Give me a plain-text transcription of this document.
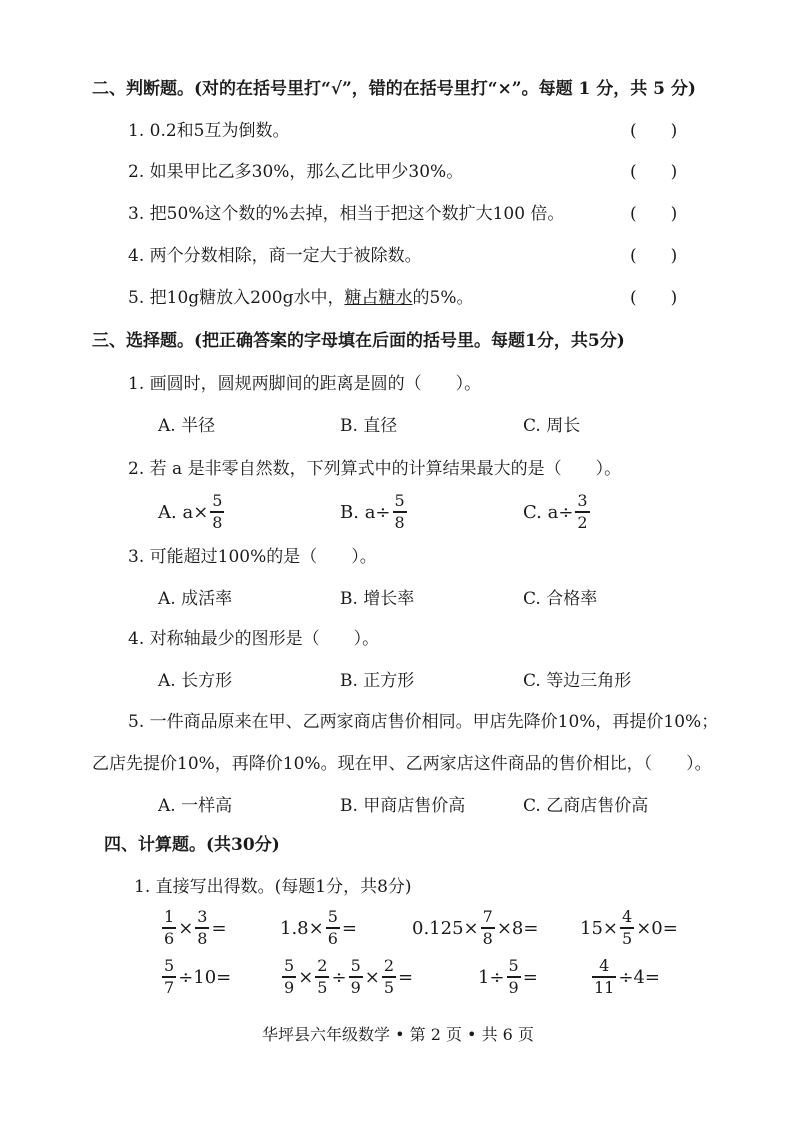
二、判断题。(对的在括号里打“√”，错的在括号里打“×”。每题 1 分，共 5 分)
1. 0.2和5互为倒数。	(　　)
2. 如果甲比乙多30%，那么乙比甲少30%。	(　　)
3. 把50%这个数的%去掉，相当于把这个数扩大100 倍。	(　　)
4. 两个分数相除，商一定大于被除数。	(　　)
5. 把10g糖放入200g水中，糖占糖水的5%。	(　　)
三、选择题。(把正确答案的字母填在后面的括号里。每题1分，共5分)
1. 画圆时，圆规两脚间的距离是圆的（　　）。
A. 半径	B. 直径	C. 周长
2. 若 a 是非零自然数，下列算式中的计算结果最大的是（　　）。
A.
$a\times \frac{5}{8}$	B.
$a\div \frac{5}{8}$	C.
$a\div \frac{3}{2}$
3. 可能超过100%的是（　　）。
A. 成活率	B. 增长率	C. 合格率
4. 对称轴最少的图形是（　　）。
A. 长方形	B. 正方形	C. 等边三角形
5. 一件商品原来在甲、乙两家商店售价相同。甲店先降价10%，再提价10%；
乙店先提价10%，再降价10%。现在甲、乙两家店这件商品的售价相比，（　　）。
A. 一样高	B. 甲商店售价高	C. 乙商店售价高
四、计算题。(共30分)
1. 直接写出得数。(每题1分，共8分)
$\frac{1}{6} \times \frac{3}{8}$ =	$1.8\times \frac{5}{6}$ =	$0.125\times \frac{7}{8} \times 8= 15\times \frac{4}{5} \times 0=$
$\frac{5}{7} \div 10=$	$\frac{5}{9} \times \frac{2}{5} \div \frac{5}{9} \times \frac{2}{5}$ =	$1\div \frac{5}{9}$ =	$\frac{4}{11} \div 4=$
华坪县六年级数学 • 第 2 页 • 共 6 页
